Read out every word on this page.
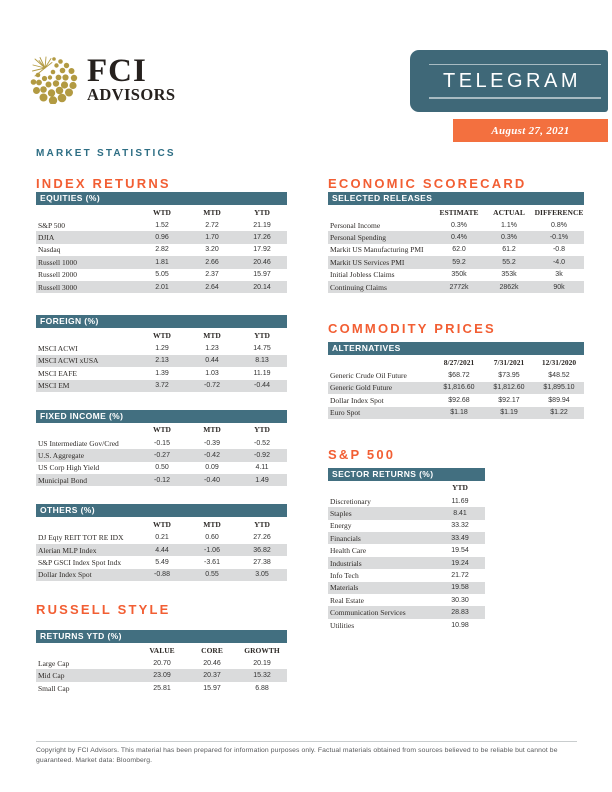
FCI
ADVISORS
TELEGRAM
August 27, 2021
MARKET STATISTICS
INDEX RETURNS
EQUITIES (%)
WTD	MTD	YTD
S&P 500	1.52	2.72	21.19
DJIA	0.96	1.70	17.26
Nasdaq	2.82	3.20	17.92
Russell 1000	1.81	2.66	20.46
Russell 2000	5.05	2.37	15.97
Russell 3000	2.01	2.64	20.14
FOREIGN (%)
WTD	MTD	YTD
MSCI ACWI	1.29	1.23	14.75
MSCI ACWI xUSA	2.13	0.44	8.13
MSCI EAFE	1.39	1.03	11.19
MSCI EM	3.72	-0.72	-0.44
FIXED INCOME (%)
WTD	MTD	YTD
US Intermediate Gov/Cred	-0.15	-0.39	-0.52
U.S. Aggregate	-0.27	-0.42	-0.92
US Corp High Yield	0.50	0.09	4.11
Municipal Bond	-0.12	-0.40	1.49
OTHERS (%)
WTD	MTD	YTD
DJ Eqty REIT TOT RE IDX	0.21	0.60	27.26
Alerian MLP Index	4.44	-1.06	36.82
S&P GSCI Index Spot Indx	5.49	-3.61	27.38
Dollar Index Spot	-0.88	0.55	3.05
RUSSELL STYLE
RETURNS YTD (%)
VALUE	CORE	GROWTH
Large Cap	20.70	20.46	20.19
Mid Cap	23.09	20.37	15.32
Small Cap	25.81	15.97	6.88
ECONOMIC SCORECARD
SELECTED RELEASES
ESTIMATE	ACTUAL	DIFFERENCE
Personal Income	0.3%	1.1%	0.8%
Personal Spending	0.4%	0.3%	-0.1%
Markit US Manufacturing PMI	62.0	61.2	-0.8
Markit US Services PMI	59.2	55.2	-4.0
Initial Jobless Claims	350k	353k	3k
Continuing Claims	2772k	2862k	90k
COMMODITY PRICES
ALTERNATIVES
8/27/2021	7/31/2021	12/31/2020
Generic Crude Oil Future	$68.72	$73.95	$48.52
Generic Gold Future	$1,816.60	$1,812.60	$1,895.10
Dollar Index Spot	$92.68	$92.17	$89.94
Euro Spot	$1.18	$1.19	$1.22
S&P 500
SECTOR RETURNS (%)
YTD
Discretionary	11.69
Staples	8.41
Energy	33.32
Financials	33.49
Health Care	19.54
Industrials	19.24
Info Tech	21.72
Materials	19.58
Real Estate	30.30
Communication Services	28.83
Utilities	10.98
Copyright by FCI Advisors. This material has been prepared for information purposes only. Factual materials obtained from sources believed to be reliable but cannot be guaranteed. Market data: Bloomberg.
